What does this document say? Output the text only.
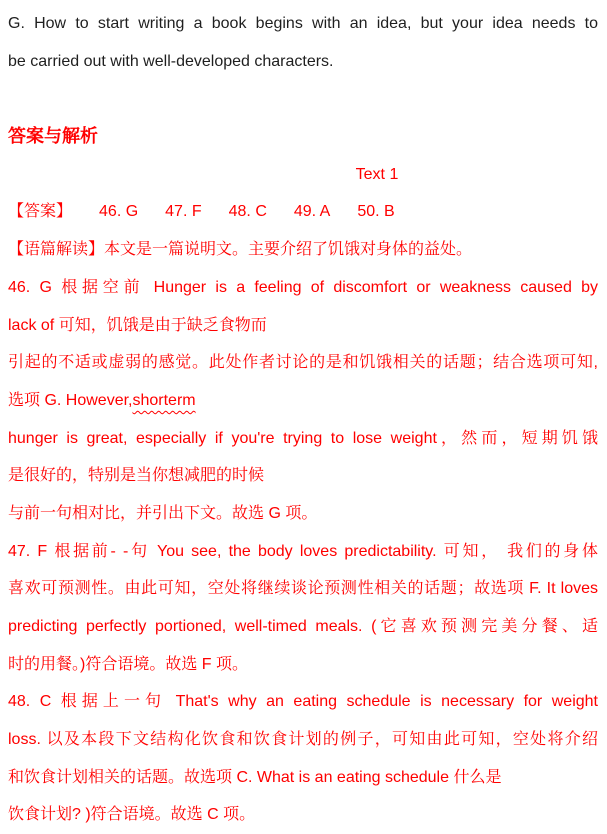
G. How to start writing a book begins with an idea, but your idea needs to
be carried out with well-developed characters.
答案与解析
Text 1
【答案】 46. G 47. F 48. C 49. A 50. B
【语篇解读】本文是一篇说明文。主要介绍了饥饿对身体的益处。
46. G 根据空前 Hunger is a feeling of discomfort or weakness caused by
lack of 可知，饥饿是由于缺乏食物而
引起的不适或虚弱的感觉。此处作者讨论的是和饥饿相关的话题；结合选项可知,
选项 G. However,shorterm
hunger is great, especially if you're trying to lose weight，然而，短期饥饿
是很好的，特别是当你想减肥的时候
与前一句相对比，并引出下文。故选 G 项。
47. F 根据前- -句 You see, the body loves predictability. 可知， 我们的身体
喜欢可预测性。由此可知，空处将继续谈论预测性相关的话题；故选项 F. It loves
predicting perfectly portioned, well-timed meals. (它喜欢预测完美分餐、适
时的用餐。)符合语境。故选 F 项。
48. C 根据上一句 That's why an eating schedule is necessary for weight
loss. 以及本段下文结构化饮食和饮食计划的例子，可知由此可知，空处将介绍
和饮食计划相关的话题。故选项 C. What is an eating schedule 什么是
饮食计划? )符合语境。故选 C 项。
